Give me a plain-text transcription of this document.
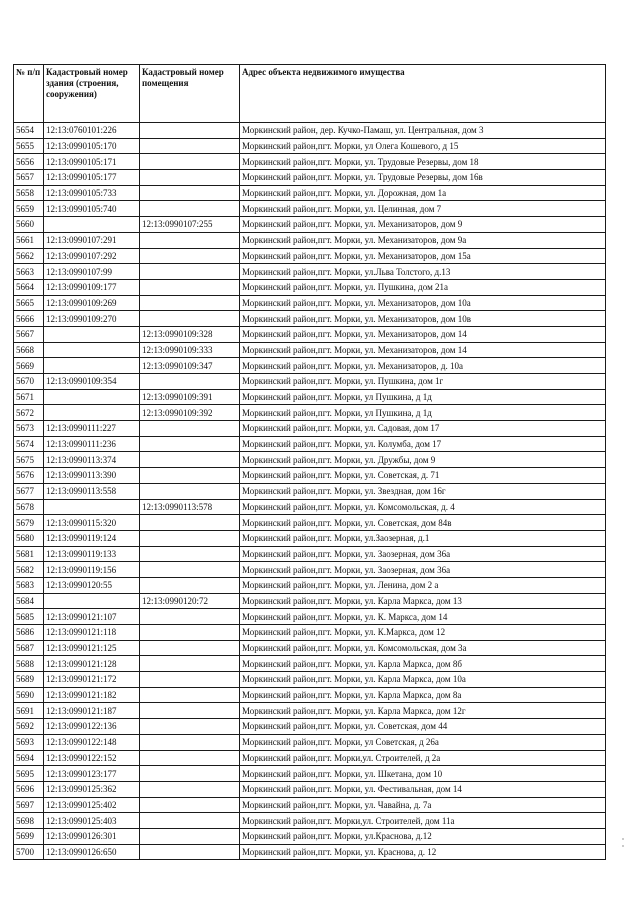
№ п/п	Кадастровый номер здания (строения, сооружения)	Кадастровый номер помещения	Адрес объекта недвижимого имущества
5654	12:13:0760101:226		Моркинский район, дер. Кучко-Памаш, ул. Центральная, дом 3
5655	12:13:0990105:170		Моркинский район,пгт. Морки, ул Олега Кошевого, д 15
5656	12:13:0990105:171		Моркинский район,пгт. Морки, ул. Трудовые Резервы, дом 18
5657	12:13:0990105:177		Моркинский район,пгт. Морки, ул. Трудовые Резервы, дом 16в
5658	12:13:0990105:733		Моркинский район,пгт. Морки, ул. Дорожная, дом 1а
5659	12:13:0990105:740		Моркинский район,пгт. Морки, ул. Целинная, дом 7
5660		12:13:0990107:255	Моркинский район,пгт. Морки, ул. Механизаторов, дом 9
5661	12:13:0990107:291		Моркинский район,пгт. Морки, ул. Механизаторов, дом 9а
5662	12:13:0990107:292		Моркинский район,пгт. Морки, ул. Механизаторов, дом 15а
5663	12:13:0990107:99		Моркинский район,пгт. Морки, ул.Льва Толстого, д.13
5664	12:13:0990109:177		Моркинский район,пгт. Морки, ул. Пушкина, дом 21а
5665	12:13:0990109:269		Моркинский район,пгт. Морки, ул. Механизаторов, дом 10а
5666	12:13:0990109:270		Моркинский район,пгт. Морки, ул. Механизаторов, дом 10в
5667		12:13:0990109:328	Моркинский район,пгт. Морки, ул. Механизаторов, дом 14
5668		12:13:0990109:333	Моркинский район,пгт. Морки, ул. Механизаторов, дом 14
5669		12:13:0990109:347	Моркинский район,пгт. Морки, ул. Механизаторов, д. 10а
5670	12:13:0990109:354		Моркинский район,пгт. Морки, ул. Пушкина, дом 1г
5671		12:13:0990109:391	Моркинский район,пгт. Морки, ул Пушкина, д 1д
5672		12:13:0990109:392	Моркинский район,пгт. Морки, ул Пушкина, д 1д
5673	12:13:0990111:227		Моркинский район,пгт. Морки, ул. Садовая, дом 17
5674	12:13:0990111:236		Моркинский район,пгт. Морки, ул. Колумба, дом 17
5675	12:13:0990113:374		Моркинский район,пгт. Морки, ул. Дружбы, дом 9
5676	12:13:0990113:390		Моркинский район,пгт. Морки, ул. Советская, д. 71
5677	12:13:0990113:558		Моркинский район,пгт. Морки, ул. Звездная, дом 16г
5678		12:13:0990113:578	Моркинский район,пгт. Морки, ул. Комсомольская, д. 4
5679	12:13:0990115:320		Моркинский район,пгт. Морки, ул. Советская, дом 84в
5680	12:13:0990119:124		Моркинский район,пгт. Морки, ул.Заозерная, д.1
5681	12:13:0990119:133		Моркинский район,пгт. Морки, ул. Заозерная, дом 36а
5682	12:13:0990119:156		Моркинский район,пгт. Морки, ул. Заозерная, дом 36а
5683	12:13:0990120:55		Моркинский район,пгт. Морки, ул. Ленина, дом 2 а
5684		12:13:0990120:72	Моркинский район,пгт. Морки, ул. Карла Маркса, дом 13
5685	12:13:0990121:107		Моркинский район,пгт. Морки, ул. К. Маркса, дом 14
5686	12:13:0990121:118		Моркинский район,пгт. Морки, ул. К.Маркса, дом 12
5687	12:13:0990121:125		Моркинский район,пгт. Морки, ул. Комсомольская, дом 3а
5688	12:13:0990121:128		Моркинский район,пгт. Морки, ул. Карла Маркса, дом 8б
5689	12:13:0990121:172		Моркинский район,пгт. Морки, ул. Карла Маркса, дом 10а
5690	12:13:0990121:182		Моркинский район,пгт. Морки, ул. Карла Маркса, дом 8а
5691	12:13:0990121:187		Моркинский район,пгт. Морки, ул. Карла Маркса, дом 12г
5692	12:13:0990122:136		Моркинский район,пгт. Морки, ул. Советская, дом 44
5693	12:13:0990122:148		Моркинский район,пгт. Морки, ул Советская, д 26а
5694	12:13:0990122:152		Моркинский район,пгт. Морки,ул. Строителей, д 2а
5695	12:13:0990123:177		Моркинский район,пгт. Морки, ул. Шкетана, дом 10
5696	12:13:0990125:362		Моркинский район,пгт. Морки, ул. Фестивальная, дом 14
5697	12:13:0990125:402		Моркинский район,пгт. Морки, ул. Чавайна, д. 7а
5698	12:13:0990125:403		Моркинский район,пгт. Морки,ул. Строителей, дом 11а
5699	12:13:0990126:301		Моркинский район,пгт. Морки, ул.Краснова, д.12
5700	12:13:0990126:650		Моркинский район,пгт. Морки, ул. Краснова, д. 12
